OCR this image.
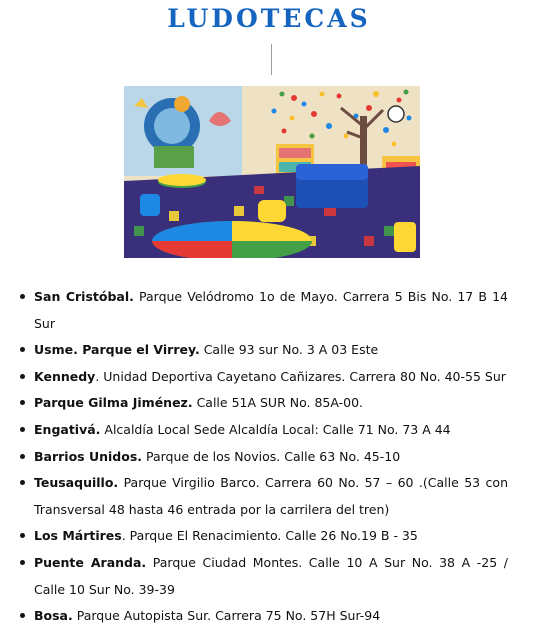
LUDOTECAS
San Cristóbal. Parque Velódromo 1o de Mayo. Carrera 5 Bis No. 17 B 14 Sur
Usme. Parque el Virrey. Calle 93 sur No. 3 A 03 Este
Kennedy. Unidad Deportiva Cayetano Cañizares. Carrera 80 No. 40-55 Sur
Parque Gilma Jiménez. Calle 51A SUR No. 85A-00.
Engativá. Alcaldía Local Sede Alcaldía Local: Calle 71 No. 73 A 44
Barrios Unidos. Parque de los Novios. Calle 63 No. 45-10
Teusaquillo. Parque Virgilio Barco. Carrera 60 No. 57 – 60 .(Calle 53 con Transversal 48 hasta 46 entrada por la carrilera del tren)
Los Mártires. Parque El Renacimiento. Calle 26 No.19 B - 35
Puente Aranda. Parque Ciudad Montes. Calle 10 A Sur No. 38 A -25 / Calle 10 Sur No. 39-39
Bosa. Parque Autopista Sur. Carrera 75 No. 57H Sur-94
